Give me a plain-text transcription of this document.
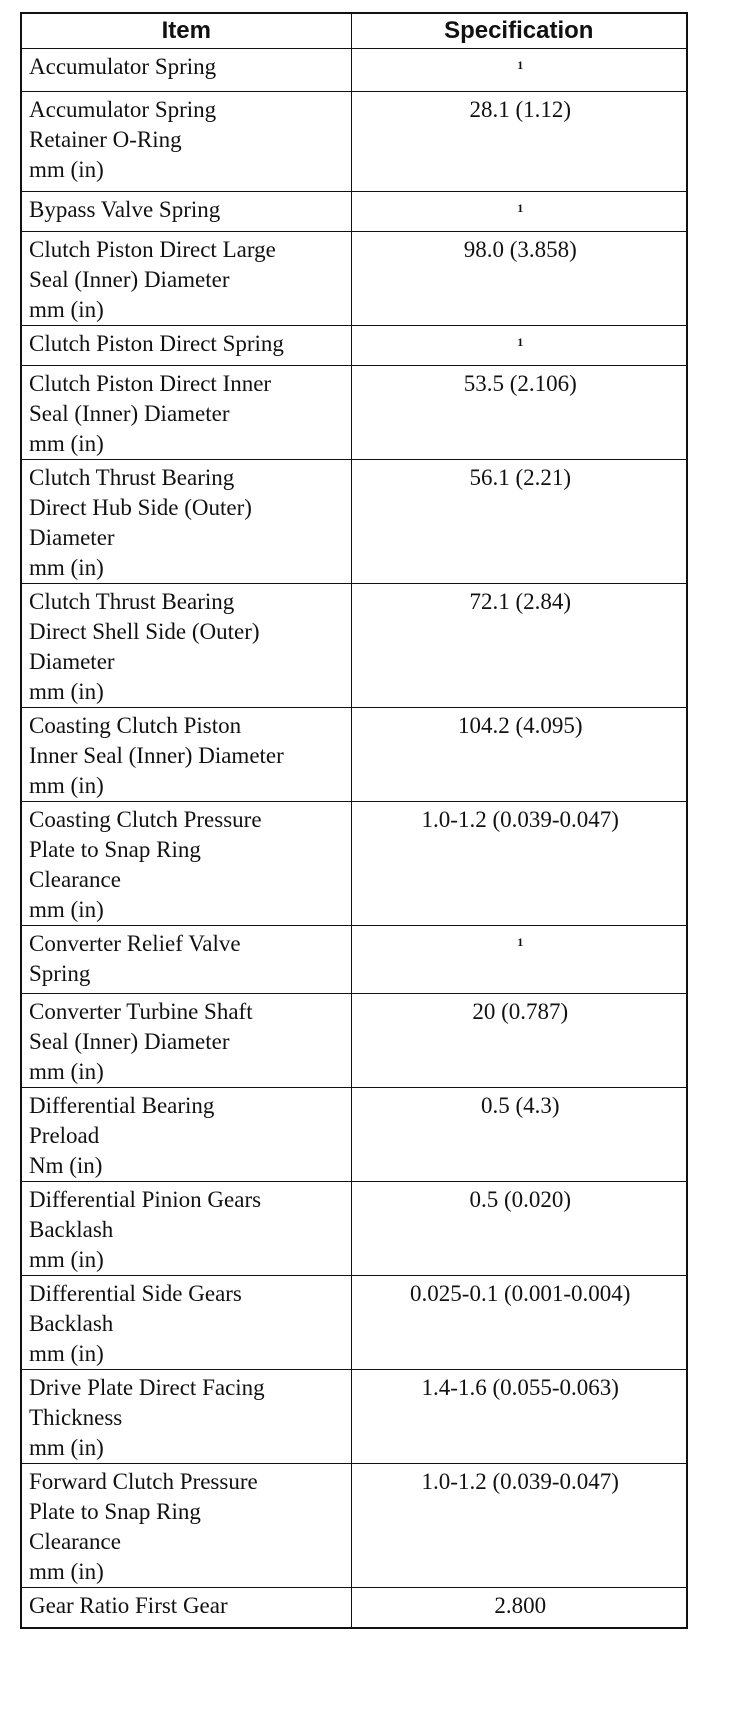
Item	Specification

Accumulator Spring	1

Accumulator Spring
Retainer O-Ring
mm (in)	28.1 (1.12)

Bypass Valve Spring	1

Clutch Piston Direct Large
Seal (Inner) Diameter
mm (in)	98.0 (3.858)

Clutch Piston Direct Spring	1

Clutch Piston Direct Inner
Seal (Inner) Diameter
mm (in)	53.5 (2.106)

Clutch Thrust Bearing
Direct Hub Side (Outer)
Diameter
mm (in)	56.1 (2.21)

Clutch Thrust Bearing
Direct Shell Side (Outer)
Diameter
mm (in)	72.1 (2.84)

Coasting Clutch Piston
Inner Seal (Inner) Diameter
mm (in)	104.2 (4.095)

Coasting Clutch Pressure
Plate to Snap Ring
Clearance
mm (in)	1.0-1.2 (0.039-0.047)

Converter Relief Valve
Spring	1

Converter Turbine Shaft
Seal (Inner) Diameter
mm (in)	20 (0.787)

Differential Bearing
Preload
Nm (in)	0.5 (4.3)

Differential Pinion Gears
Backlash
mm (in)	0.5 (0.020)

Differential Side Gears
Backlash
mm (in)	0.025-0.1 (0.001-0.004)

Drive Plate Direct Facing
Thickness
mm (in)	1.4-1.6 (0.055-0.063)

Forward Clutch Pressure
Plate to Snap Ring
Clearance
mm (in)	1.0-1.2 (0.039-0.047)

Gear Ratio First Gear	2.800
